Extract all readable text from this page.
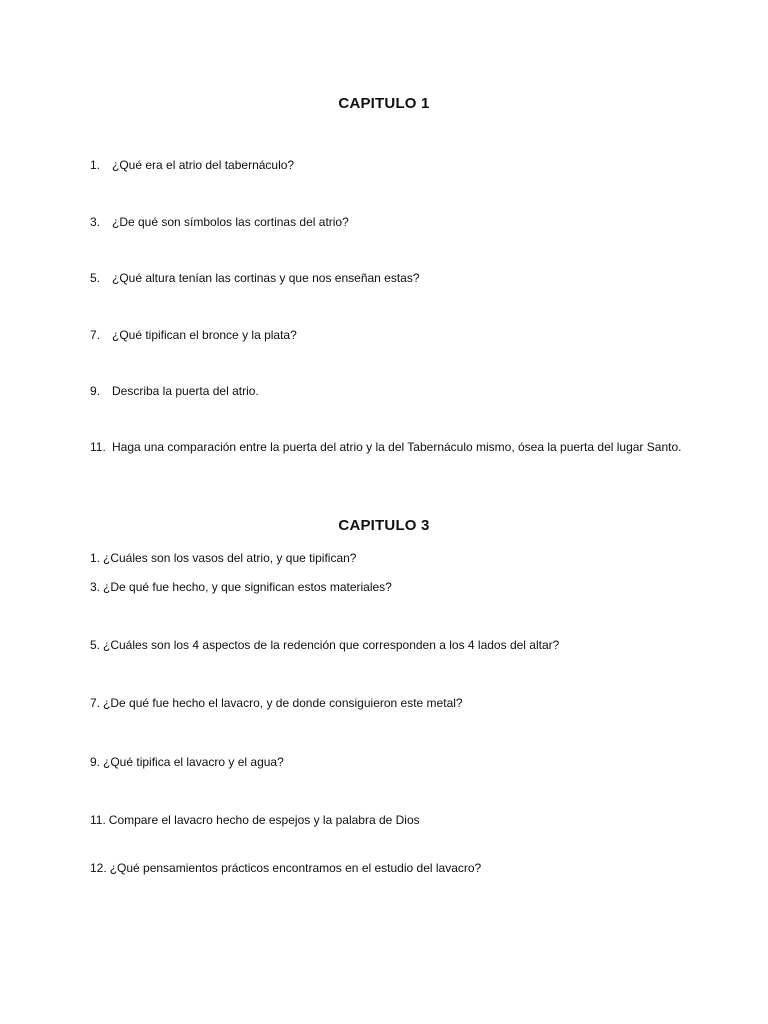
CAPITULO 1
1. ¿Qué era el atrio del tabernáculo?
3. ¿De qué son símbolos las cortinas del atrio?
5. ¿Qué altura tenían las cortinas y que nos enseñan estas?
7. ¿Qué tipifican el bronce y la plata?
9. Describa la puerta del atrio.
11. Haga una comparación entre la puerta del atrio y la del Tabernáculo mismo, ósea la puerta del lugar Santo.
CAPITULO 3
1. ¿Cuáles son los vasos del atrio, y que tipifican?
3. ¿De qué fue hecho, y que significan estos materiales?
5. ¿Cuáles son los 4 aspectos de la redención que corresponden a los 4 lados del altar?
7. ¿De qué fue hecho el lavacro, y de donde consiguieron este metal?
9. ¿Qué tipifica el lavacro y el agua?
11. Compare el lavacro hecho de espejos y la palabra de Dios
12. ¿Qué pensamientos prácticos encontramos en el estudio del lavacro?
